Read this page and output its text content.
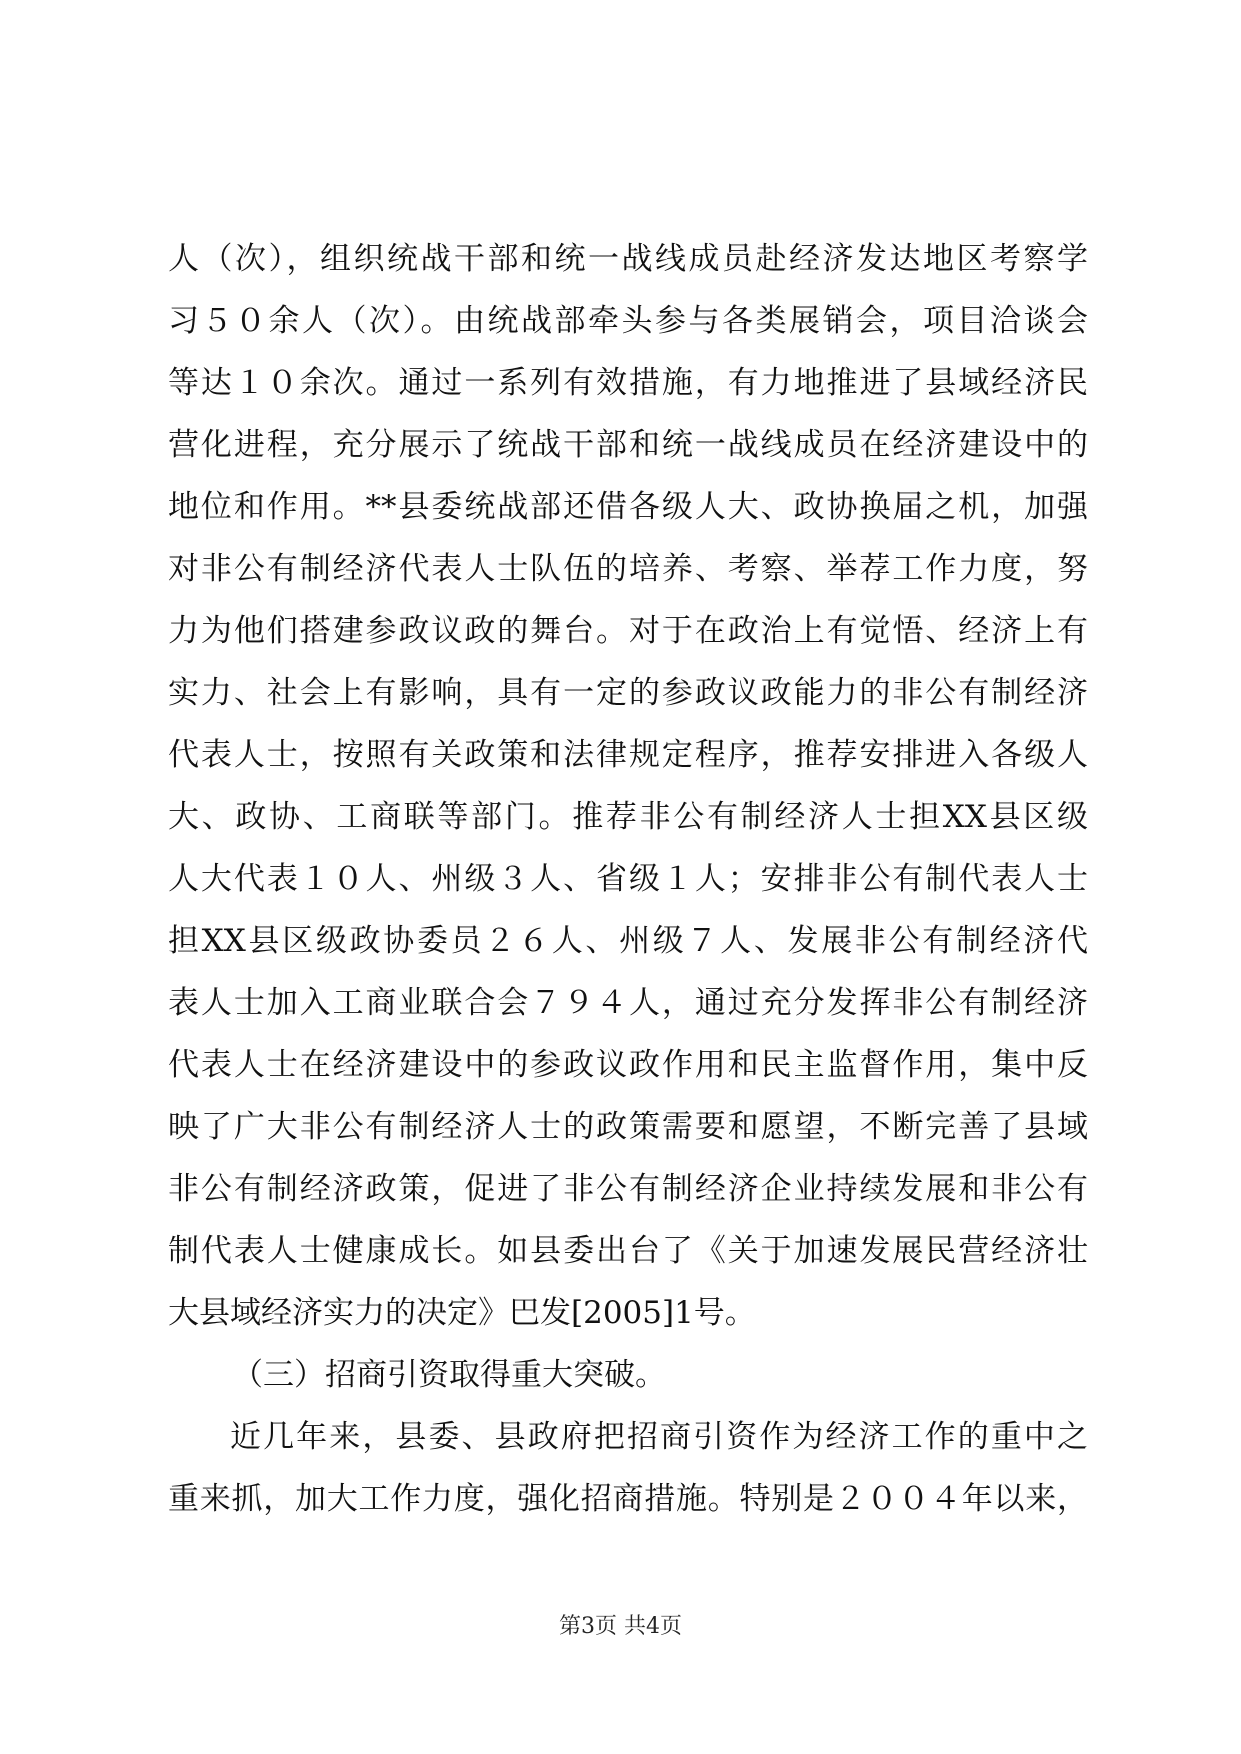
人（次），组织统战干部和统一战线成员赴经济发达地区考察学
习５０余人（次）。由统战部牵头参与各类展销会，项目洽谈会
等达１０余次。通过一系列有效措施，有力地推进了县域经济民
营化进程，充分展示了统战干部和统一战线成员在经济建设中的
地位和作用。**县委统战部还借各级人大、政协换届之机，加强
对非公有制经济代表人士队伍的培养、考察、举荐工作力度，努
力为他们搭建参政议政的舞台。对于在政治上有觉悟、经济上有
实力、社会上有影响，具有一定的参政议政能力的非公有制经济
代表人士，按照有关政策和法律规定程序，推荐安排进入各级人
大、政协、工商联等部门。推荐非公有制经济人士担XX县区级
人大代表１０人、州级３人、省级１人；安排非公有制代表人士
担XX县区级政协委员２６人、州级７人、发展非公有制经济代
表人士加入工商业联合会７９４人，通过充分发挥非公有制经济
代表人士在经济建设中的参政议政作用和民主监督作用，集中反
映了广大非公有制经济人士的政策需要和愿望，不断完善了县域
非公有制经济政策，促进了非公有制经济企业持续发展和非公有
制代表人士健康成长。如县委出台了《关于加速发展民营经济壮
大县域经济实力的决定》巴发[2005]1号。
（三）招商引资取得重大突破。
近几年来，县委、县政府把招商引资作为经济工作的重中之
重来抓，加大工作力度，强化招商措施。特别是２００４年以来，
第3页 共4页
